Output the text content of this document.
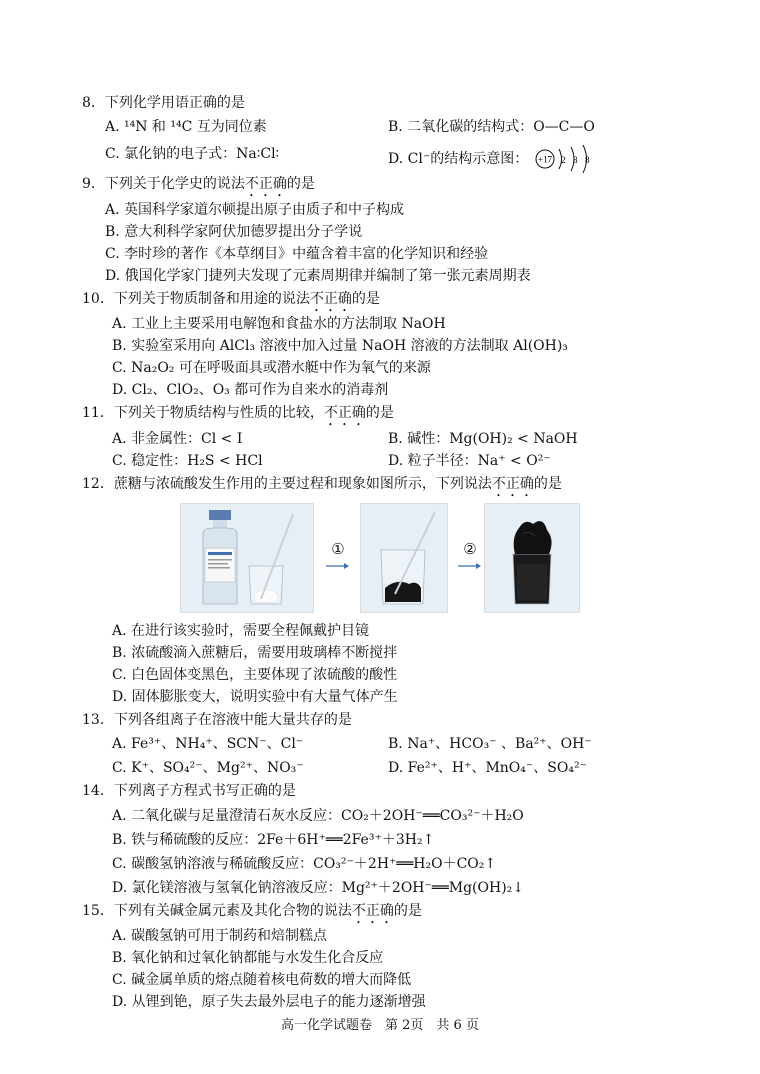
8．下列化学用语正确的是
A. ¹⁴N 和 ¹⁴C 互为同位素	B. 二氧化碳的结构式：O—C—O
C. 氯化钠的电子式：Na∶Cl∶	D. Cl⁻的结构示意图： +17 2 8 8
9．下列关于化学史的说法不正确的是
A. 英国科学家道尔顿提出原子由质子和中子构成
B. 意大利科学家阿伏加德罗提出分子学说
C. 李时珍的著作《本草纲目》中蕴含着丰富的化学知识和经验
D. 俄国化学家门捷列夫发现了元素周期律并编制了第一张元素周期表
10．下列关于物质制备和用途的说法不正确的是
A. 工业上主要采用电解饱和食盐水的方法制取 NaOH
B. 实验室采用向 AlCl₃ 溶液中加入过量 NaOH 溶液的方法制取 Al(OH)₃
C. Na₂O₂ 可在呼吸面具或潜水艇中作为氧气的来源
D. Cl₂、ClO₂、O₃ 都可作为自来水的消毒剂
11．下列关于物质结构与性质的比较，不正确的是
A. 非金属性：Cl < I	B. 碱性：Mg(OH)₂ < NaOH
C. 稳定性：H₂S < HCl	D. 粒子半径：Na⁺ < O²⁻
12．蔗糖与浓硫酸发生作用的主要过程和现象如图所示，下列说法不正确的是
①	②
A. 在进行该实验时，需要全程佩戴护目镜
B. 浓硫酸滴入蔗糖后，需要用玻璃棒不断搅拌
C. 白色固体变黑色，主要体现了浓硫酸的酸性
D. 固体膨胀变大，说明实验中有大量气体产生
13．下列各组离子在溶液中能大量共存的是
A. Fe³⁺、NH₄⁺、SCN⁻、Cl⁻	B. Na⁺、HCO₃⁻ 、Ba²⁺、OH⁻
C. K⁺、SO₄²⁻、Mg²⁺、NO₃⁻	D. Fe²⁺、H⁺、MnO₄⁻、SO₄²⁻
14．下列离子方程式书写正确的是
A. 二氧化碳与足量澄清石灰水反应：CO₂＋2OH⁻══CO₃²⁻＋H₂O
B. 铁与稀硫酸的反应：2Fe＋6H⁺══2Fe³⁺＋3H₂↑
C. 碳酸氢钠溶液与稀硫酸反应：CO₃²⁻＋2H⁺══H₂O＋CO₂↑
D. 氯化镁溶液与氢氧化钠溶液反应：Mg²⁺＋2OH⁻══Mg(OH)₂↓
15．下列有关碱金属元素及其化合物的说法不正确的是
A. 碳酸氢钠可用于制药和焙制糕点
B. 氧化钠和过氧化钠都能与水发生化合反应
C. 碱金属单质的熔点随着核电荷数的增大而降低
D. 从锂到铯，原子失去最外层电子的能力逐渐增强
高一化学试题卷　第 2页　共 6 页
